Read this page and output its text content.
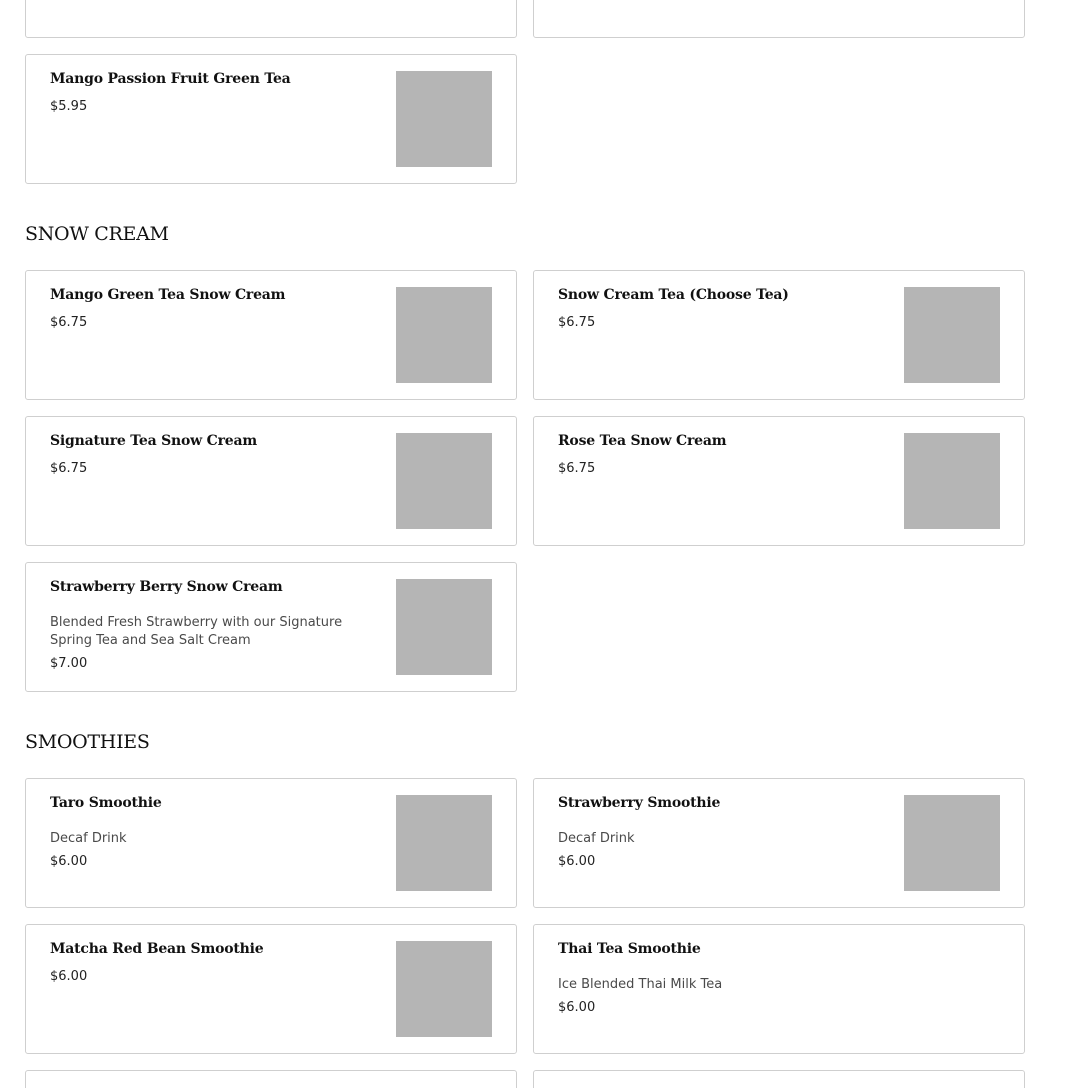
Mango Passion Fruit Green Tea
$5.95
SNOW CREAM
Mango Green Tea Snow Cream
$6.75
Snow Cream Tea (Choose Tea)
$6.75
Signature Tea Snow Cream
$6.75
Rose Tea Snow Cream
$6.75
Strawberry Berry Snow Cream
Blended Fresh Strawberry with our Signature Spring Tea and Sea Salt Cream
$7.00
SMOOTHIES
Taro Smoothie
Decaf Drink
$6.00
Strawberry Smoothie
Decaf Drink
$6.00
Matcha Red Bean Smoothie
$6.00
Thai Tea Smoothie
Ice Blended Thai Milk Tea
$6.00
